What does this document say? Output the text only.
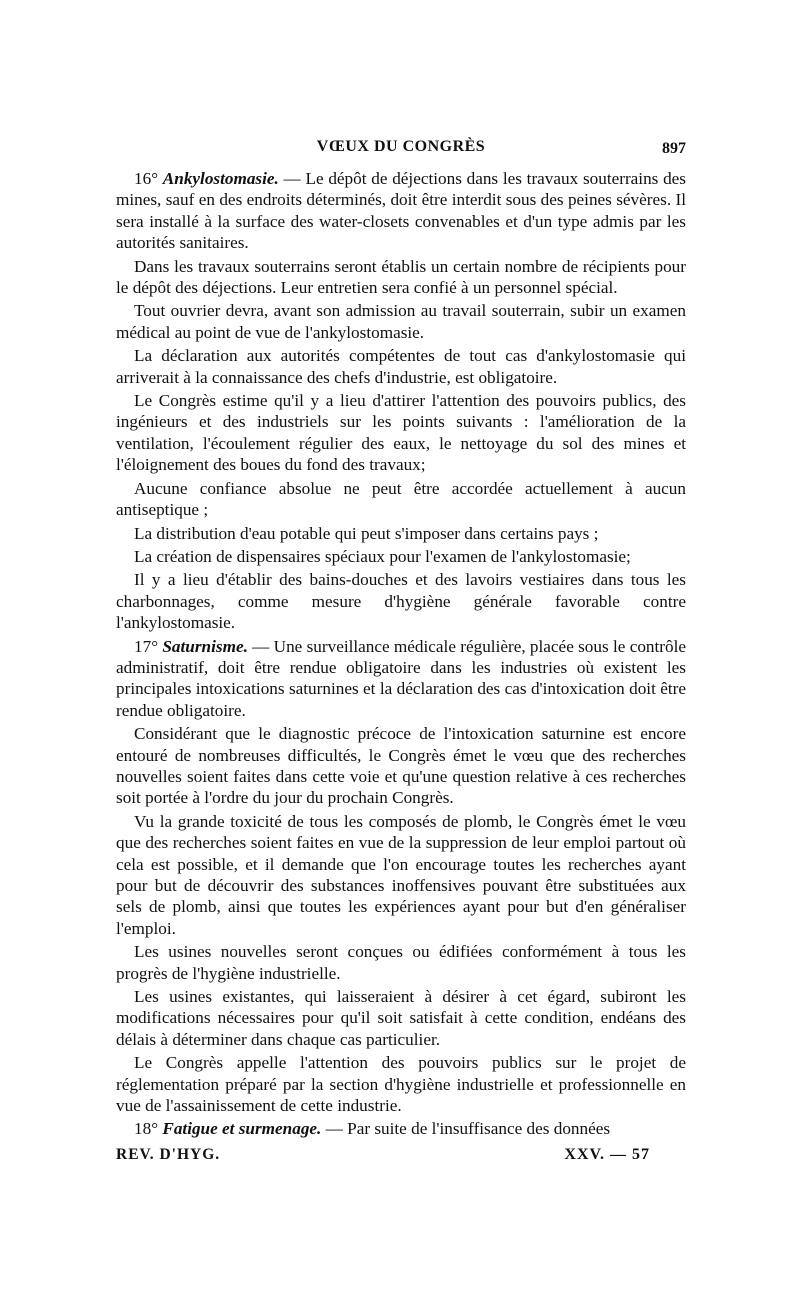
VŒUX DU CONGRÈS	897

16° Ankylostomasie. — Le dépôt de déjections dans les travaux souterrains des mines, sauf en des endroits déterminés, doit être interdit sous des peines sévères. Il sera installé à la surface des water-closets convenables et d'un type admis par les autorités sanitaires.

Dans les travaux souterrains seront établis un certain nombre de récipients pour le dépôt des déjections. Leur entretien sera confié à un personnel spécial.

Tout ouvrier devra, avant son admission au travail souterrain, subir un examen médical au point de vue de l'ankylostomasie.

La déclaration aux autorités compétentes de tout cas d'ankylostomasie qui arriverait à la connaissance des chefs d'industrie, est obligatoire.

Le Congrès estime qu'il y a lieu d'attirer l'attention des pouvoirs publics, des ingénieurs et des industriels sur les points suivants : l'amélioration de la ventilation, l'écoulement régulier des eaux, le nettoyage du sol des mines et l'éloignement des boues du fond des travaux;

Aucune confiance absolue ne peut être accordée actuellement à aucun antiseptique ;

La distribution d'eau potable qui peut s'imposer dans certains pays ;

La création de dispensaires spéciaux pour l'examen de l'ankylostomasie;

Il y a lieu d'établir des bains-douches et des lavoirs vestiaires dans tous les charbonnages, comme mesure d'hygiène générale favorable contre l'ankylostomasie.

17° Saturnisme. — Une surveillance médicale régulière, placée sous le contrôle administratif, doit être rendue obligatoire dans les industries où existent les principales intoxications saturnines et la déclaration des cas d'intoxication doit être rendue obligatoire.

Considérant que le diagnostic précoce de l'intoxication saturnine est encore entouré de nombreuses difficultés, le Congrès émet le vœu que des recherches nouvelles soient faites dans cette voie et qu'une question relative à ces recherches soit portée à l'ordre du jour du prochain Congrès.

Vu la grande toxicité de tous les composés de plomb, le Congrès émet le vœu que des recherches soient faites en vue de la suppression de leur emploi partout où cela est possible, et il demande que l'on encourage toutes les recherches ayant pour but de découvrir des substances inoffensives pouvant être substituées aux sels de plomb, ainsi que toutes les expériences ayant pour but d'en généraliser l'emploi.

Les usines nouvelles seront conçues ou édifiées conformément à tous les progrès de l'hygiène industrielle.

Les usines existantes, qui laisseraient à désirer à cet égard, subiront les modifications nécessaires pour qu'il soit satisfait à cette condition, endéans des délais à déterminer dans chaque cas particulier.

Le Congrès appelle l'attention des pouvoirs publics sur le projet de réglementation préparé par la section d'hygiène industrielle et professionnelle en vue de l'assainissement de cette industrie.

18° Fatigue et surmenage. — Par suite de l'insuffisance des données

REV. D'HYG.	XXV. — 57
